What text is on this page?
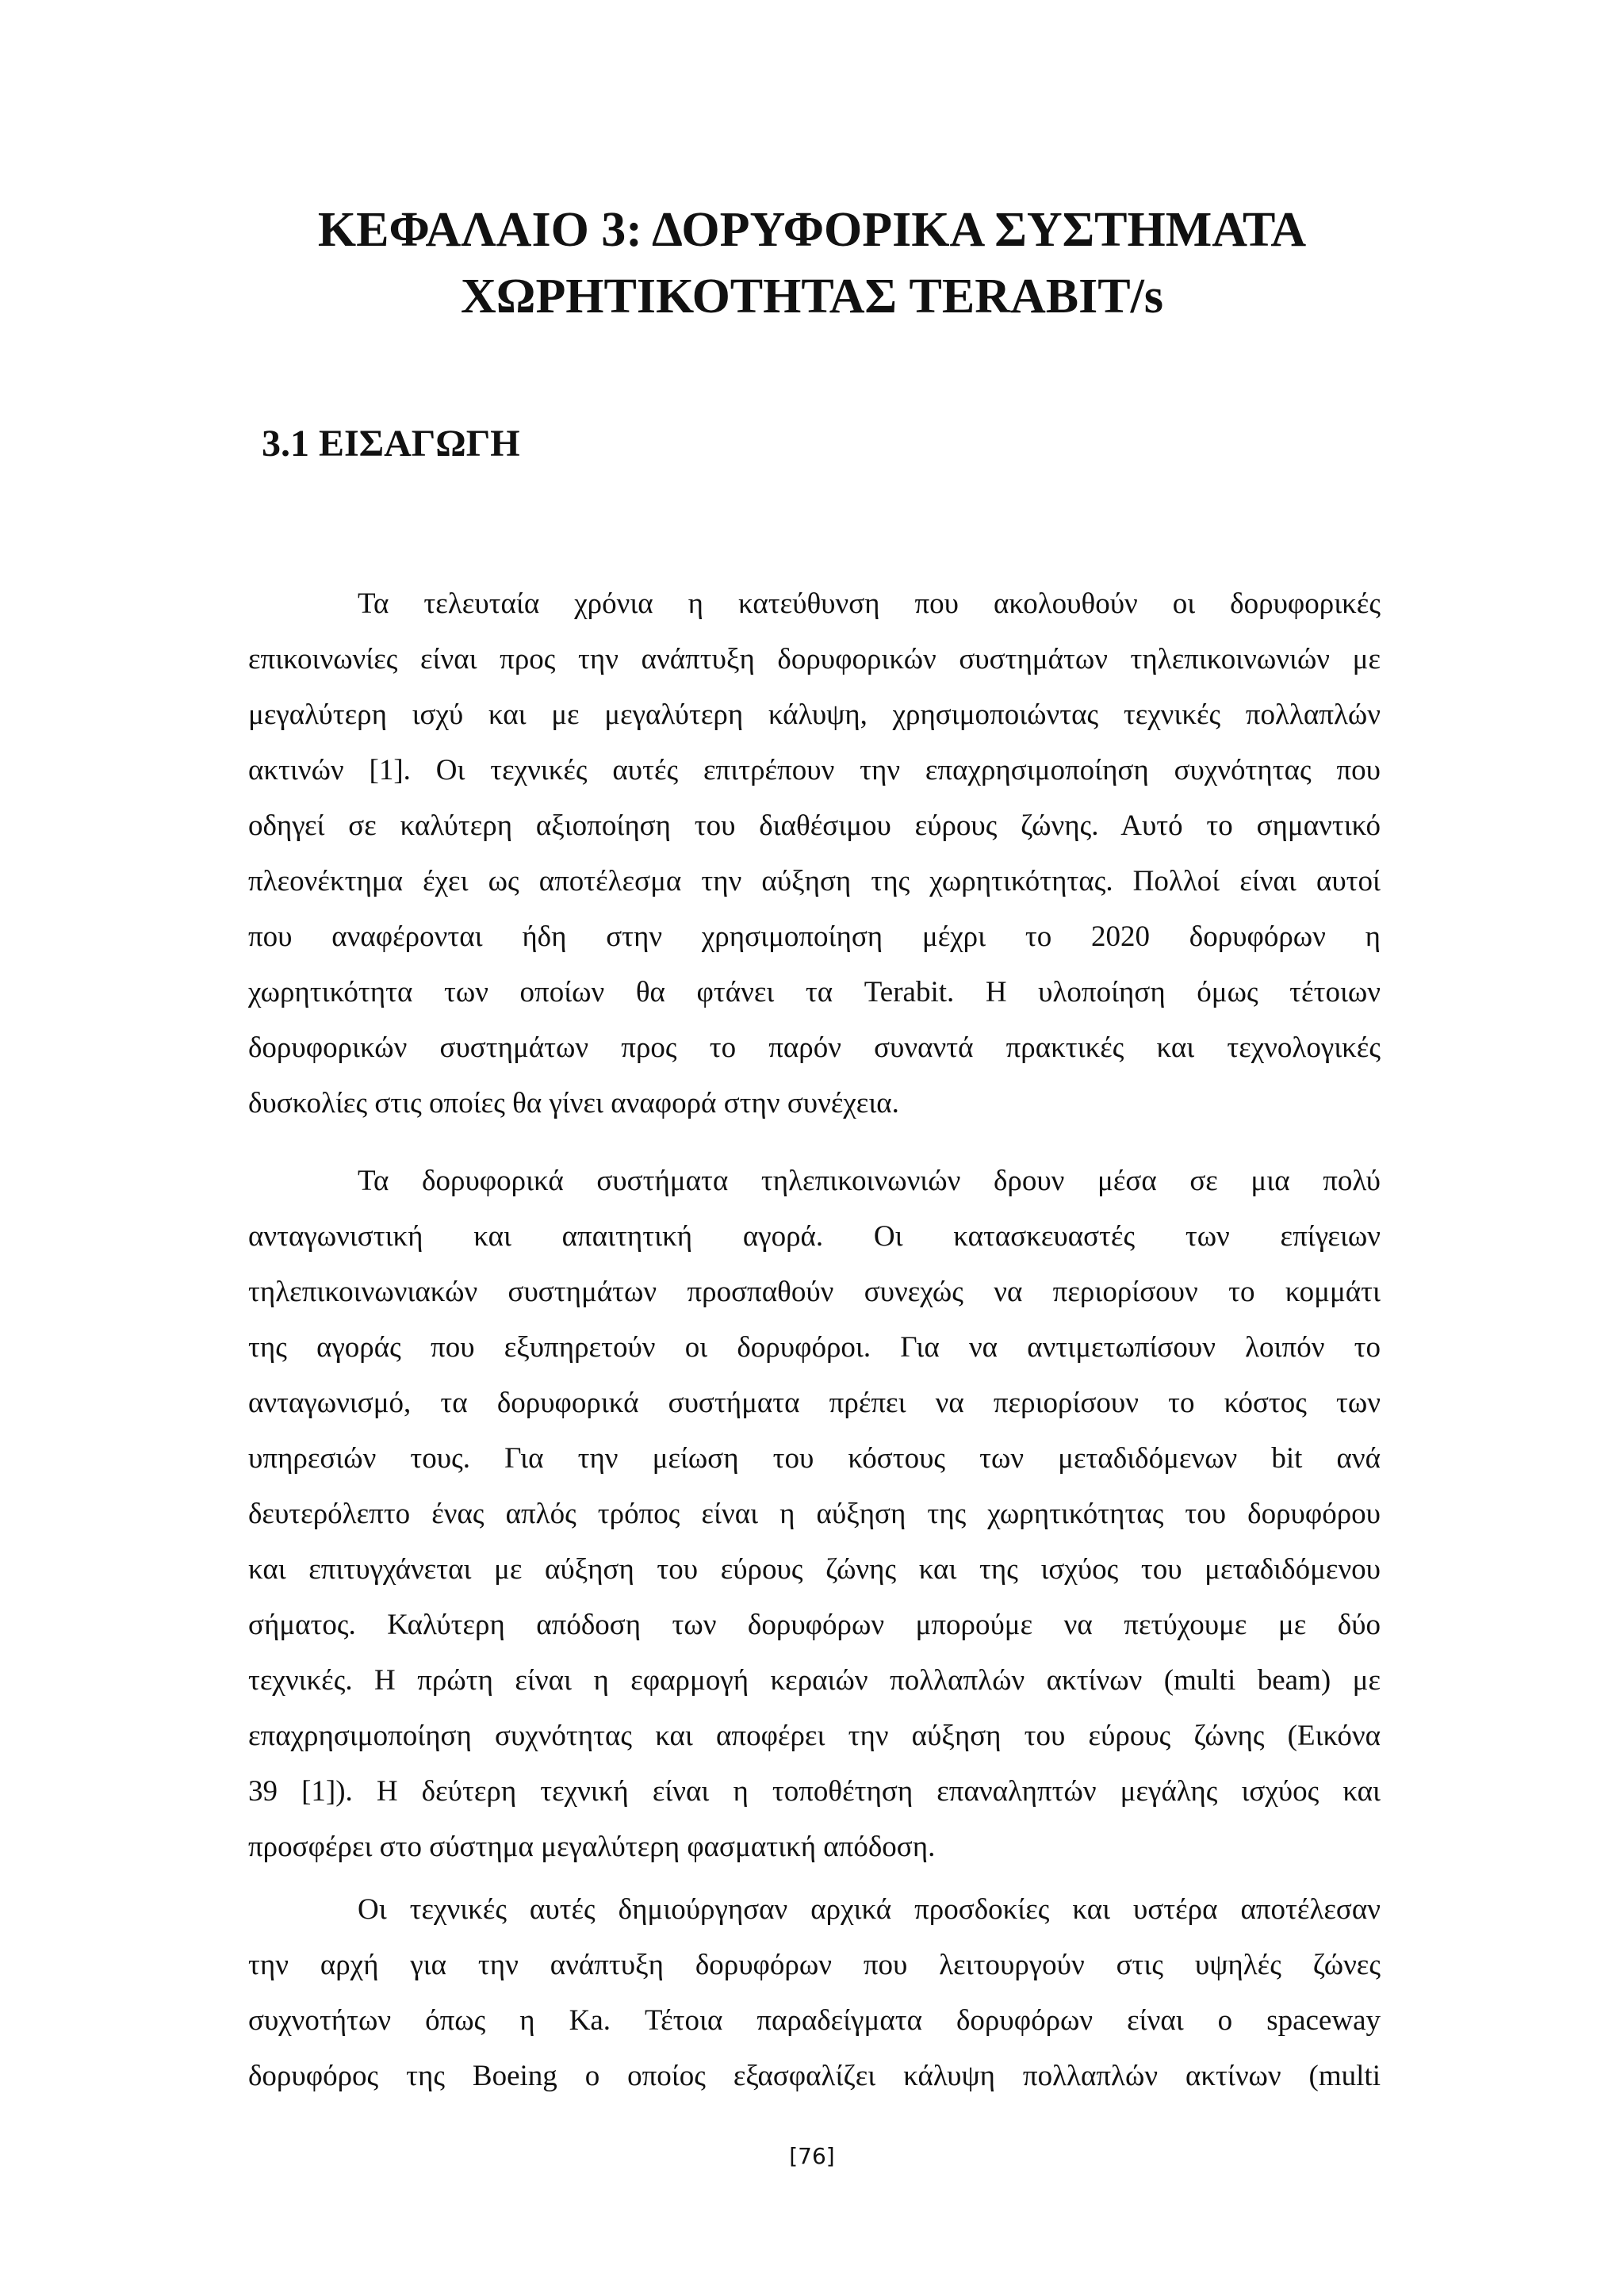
ΚΕΦΑΛΑΙΟ 3: ΔΟΡΥΦΟΡΙΚΑ ΣΥΣΤΗΜΑΤΑ
ΧΩΡΗΤΙΚΟΤΗΤΑΣ TERABIT/s
3.1 ΕΙΣΑΓΩΓΗ
Τα τελευταία χρόνια η κατεύθυνση που ακολουθούν οι δορυφορικές
επικοινωνίες είναι προς την ανάπτυξη δορυφορικών συστημάτων τηλεπικοινωνιών με
μεγαλύτερη ισχύ και με μεγαλύτερη κάλυψη, χρησιμοποιώντας τεχνικές πολλαπλών
ακτινών [1]. Οι τεχνικές αυτές επιτρέπουν την επαχρησιμοποίηση συχνότητας που
οδηγεί σε καλύτερη αξιοποίηση του διαθέσιμου εύρους ζώνης. Αυτό το σημαντικό
πλεονέκτημα έχει ως αποτέλεσμα την αύξηση της χωρητικότητας. Πολλοί είναι αυτοί
που αναφέρονται ήδη στην χρησιμοποίηση μέχρι το 2020 δορυφόρων η
χωρητικότητα των οποίων θα φτάνει τα Terabit. Η υλοποίηση όμως τέτοιων
δορυφορικών συστημάτων προς το παρόν συναντά πρακτικές και τεχνολογικές
δυσκολίες στις οποίες θα γίνει αναφορά στην συνέχεια.
Τα δορυφορικά συστήματα τηλεπικοινωνιών δρουν μέσα σε μια πολύ
ανταγωνιστική και απαιτητική αγορά. Οι κατασκευαστές των επίγειων
τηλεπικοινωνιακών συστημάτων προσπαθούν συνεχώς να περιορίσουν το κομμάτι
της αγοράς που εξυπηρετούν οι δορυφόροι. Για να αντιμετωπίσουν λοιπόν το
ανταγωνισμό, τα δορυφορικά συστήματα πρέπει να περιορίσουν το κόστος των
υπηρεσιών τους. Για την μείωση του κόστους των μεταδιδόμενων bit ανά
δευτερόλεπτο ένας απλός τρόπος είναι η αύξηση της χωρητικότητας του δορυφόρου
και επιτυγχάνεται με αύξηση του εύρους ζώνης και της ισχύος του μεταδιδόμενου
σήματος. Καλύτερη απόδοση των δορυφόρων μπορούμε να πετύχουμε με δύο
τεχνικές. Η πρώτη είναι η εφαρμογή κεραιών πολλαπλών ακτίνων (multi beam) με
επαχρησιμοποίηση συχνότητας και αποφέρει την αύξηση του εύρους ζώνης (Εικόνα
39 [1]). Η δεύτερη τεχνική είναι η τοποθέτηση επαναληπτών μεγάλης ισχύος και
προσφέρει στο σύστημα μεγαλύτερη φασματική απόδοση.
Οι τεχνικές αυτές δημιούργησαν αρχικά προσδοκίες και υστέρα αποτέλεσαν
την αρχή για την ανάπτυξη δορυφόρων που λειτουργούν στις υψηλές ζώνες
συχνοτήτων όπως η Ka. Τέτοια παραδείγματα δορυφόρων είναι ο spaceway
δορυφόρος της Boeing ο οποίος εξασφαλίζει κάλυψη πολλαπλών ακτίνων (multi
[76]
